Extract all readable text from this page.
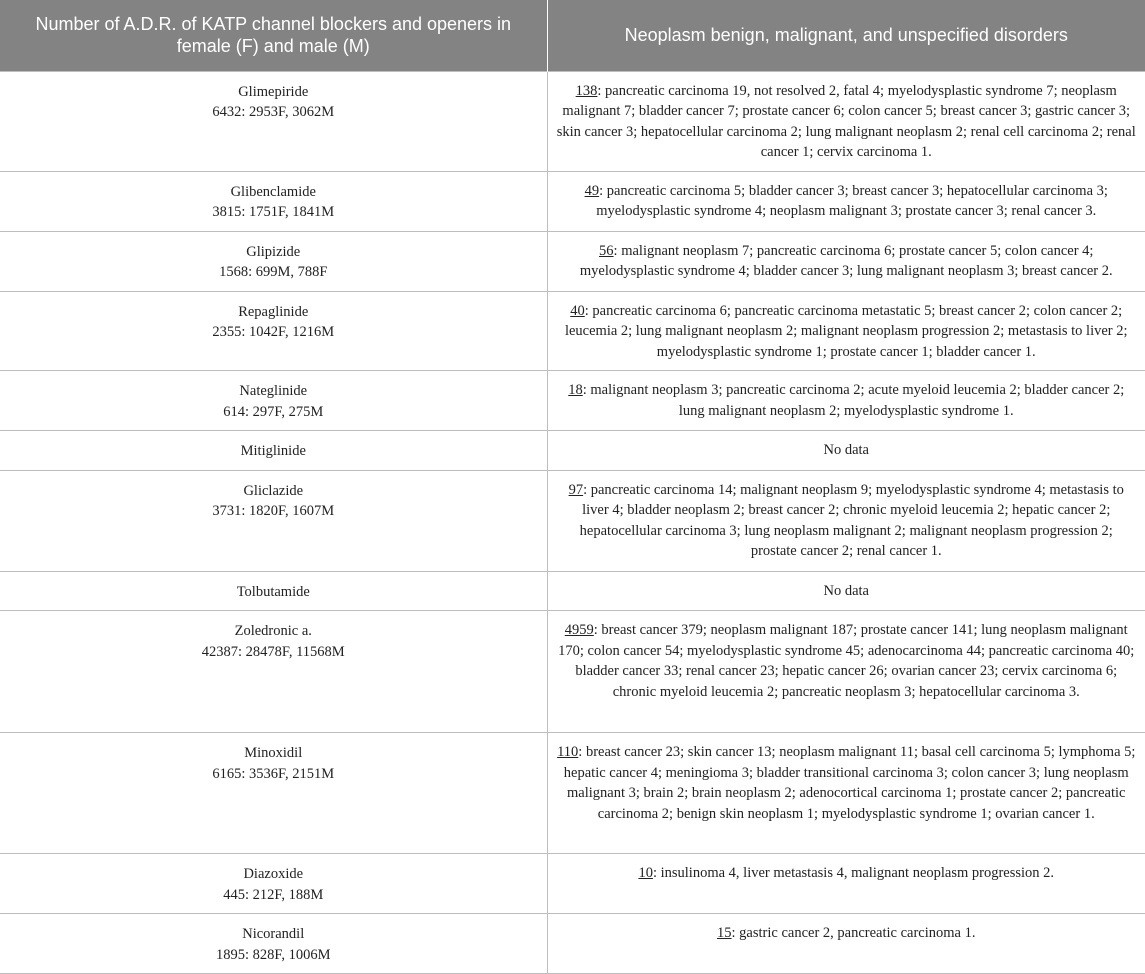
Number of A.D.R. of KATP channel blockers and openers in female (F) and male (M)	Neoplasm benign, malignant, and unspecified disorders

Glimepiride
6432: 2953F, 3062M	138: pancreatic carcinoma 19, not resolved 2, fatal 4; myelodysplastic syndrome 7; neoplasm malignant 7; bladder cancer 7; prostate cancer 6; colon cancer 5; breast cancer 3; gastric cancer 3; skin cancer 3; hepatocellular carcinoma 2; lung malignant neoplasm 2; renal cell carcinoma 2; renal cancer 1; cervix carcinoma 1.

Glibenclamide
3815: 1751F, 1841M	49: pancreatic carcinoma 5; bladder cancer 3; breast cancer 3; hepatocellular carcinoma 3; myelodysplastic syndrome 4; neoplasm malignant 3; prostate cancer 3; renal cancer 3.

Glipizide
1568: 699M, 788F	56: malignant neoplasm 7; pancreatic carcinoma 6; prostate cancer 5; colon cancer 4; myelodysplastic syndrome 4; bladder cancer 3; lung malignant neoplasm 3; breast cancer 2.

Repaglinide
2355: 1042F, 1216M	40: pancreatic carcinoma 6; pancreatic carcinoma metastatic 5; breast cancer 2; colon cancer 2; leucemia 2; lung malignant neoplasm 2; malignant neoplasm progression 2; metastasis to liver 2; myelodysplastic syndrome 1; prostate cancer 1; bladder cancer 1.

Nateglinide
614: 297F, 275M	18: malignant neoplasm 3; pancreatic carcinoma 2; acute myeloid leucemia 2; bladder cancer 2; lung malignant neoplasm 2; myelodysplastic syndrome 1.

Mitiglinide	No data

Gliclazide
3731: 1820F, 1607M	97: pancreatic carcinoma 14; malignant neoplasm 9; myelodysplastic syndrome 4; metastasis to liver 4; bladder neoplasm 2; breast cancer 2; chronic myeloid leucemia 2; hepatic cancer 2; hepatocellular carcinoma 3; lung neoplasm malignant 2; malignant neoplasm progression 2; prostate cancer 2; renal cancer 1.

Tolbutamide	No data

Zoledronic a.
42387: 28478F, 11568M	4959: breast cancer 379; neoplasm malignant 187; prostate cancer 141; lung neoplasm malignant 170; colon cancer 54; myelodysplastic syndrome 45; adenocarcinoma 44; pancreatic carcinoma 40; bladder cancer 33; renal cancer 23; hepatic cancer 26; ovarian cancer 23; cervix carcinoma 6; chronic myeloid leucemia 2; pancreatic neoplasm 3; hepatocellular carcinoma 3.

Minoxidil
6165: 3536F, 2151M	110: breast cancer 23; skin cancer 13; neoplasm malignant 11; basal cell carcinoma 5; lymphoma 5; hepatic cancer 4; meningioma 3; bladder transitional carcinoma 3; colon cancer 3; lung neoplasm malignant 3; brain 2; brain neoplasm 2; adenocortical carcinoma 1; prostate cancer 2; pancreatic carcinoma 2; benign skin neoplasm 1; myelodysplastic syndrome 1; ovarian cancer 1.

Diazoxide
445: 212F, 188M	10: insulinoma 4, liver metastasis 4, malignant neoplasm progression 2.

Nicorandil
1895: 828F, 1006M	15: gastric cancer 2, pancreatic carcinoma 1.
